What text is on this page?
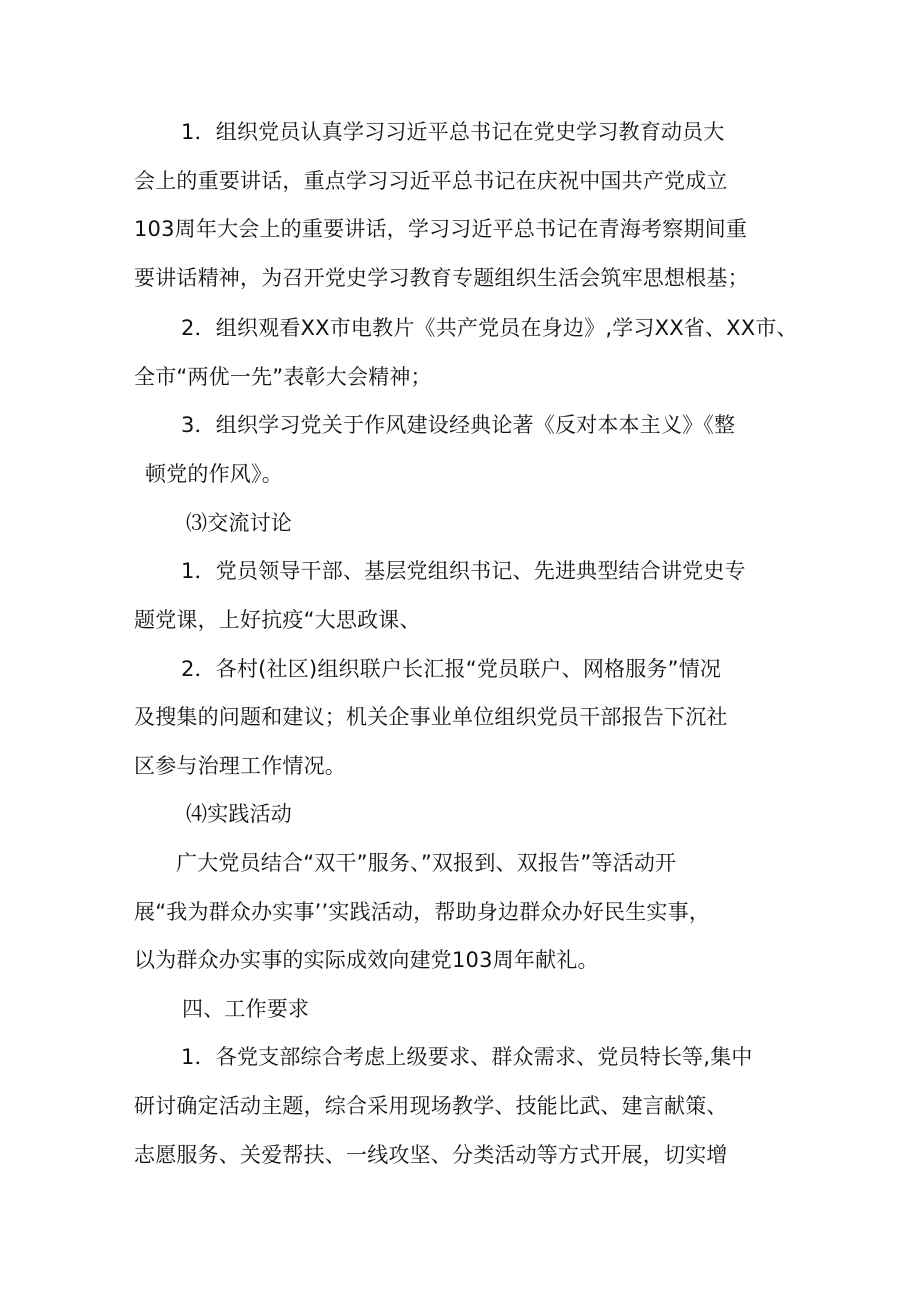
1．组织党员认真学习习近平总书记在党史学习教育动员大
会上的重要讲话，重点学习习近平总书记在庆祝中国共产党成立
103周年大会上的重要讲话，学习习近平总书记在青海考察期间重
要讲话精神，为召开党史学习教育专题组织生活会筑牢思想根基；
2．组织观看XX市电教片《共产党员在身边》,学习XX省、XX市、
全市“两优一先”表彰大会精神；
3．组织学习党关于作风建设经典论著《反对本本主义》《整
顿党的作风》。
⑶交流讨论
1．党员领导干部、基层党组织书记、先进典型结合讲党史专
题党课，上好抗疫“大思政课、
2．各村(社区)组织联户长汇报“党员联户、网格服务”情况
及搜集的问题和建议；机关企事业单位组织党员干部报告下沉社
区参与治理工作情况。
⑷实践活动
广大党员结合“双干”服务、”双报到、双报告”等活动开
展“我为群众办实事’’实践活动，帮助身边群众办好民生实事，
以为群众办实事的实际成效向建党103周年献礼。
四、工作要求
1．各党支部综合考虑上级要求、群众需求、党员特长等,集中
研讨确定活动主题，综合采用现场教学、技能比武、建言献策、
志愿服务、关爱帮扶、一线攻坚、分类活动等方式开展，切实增
